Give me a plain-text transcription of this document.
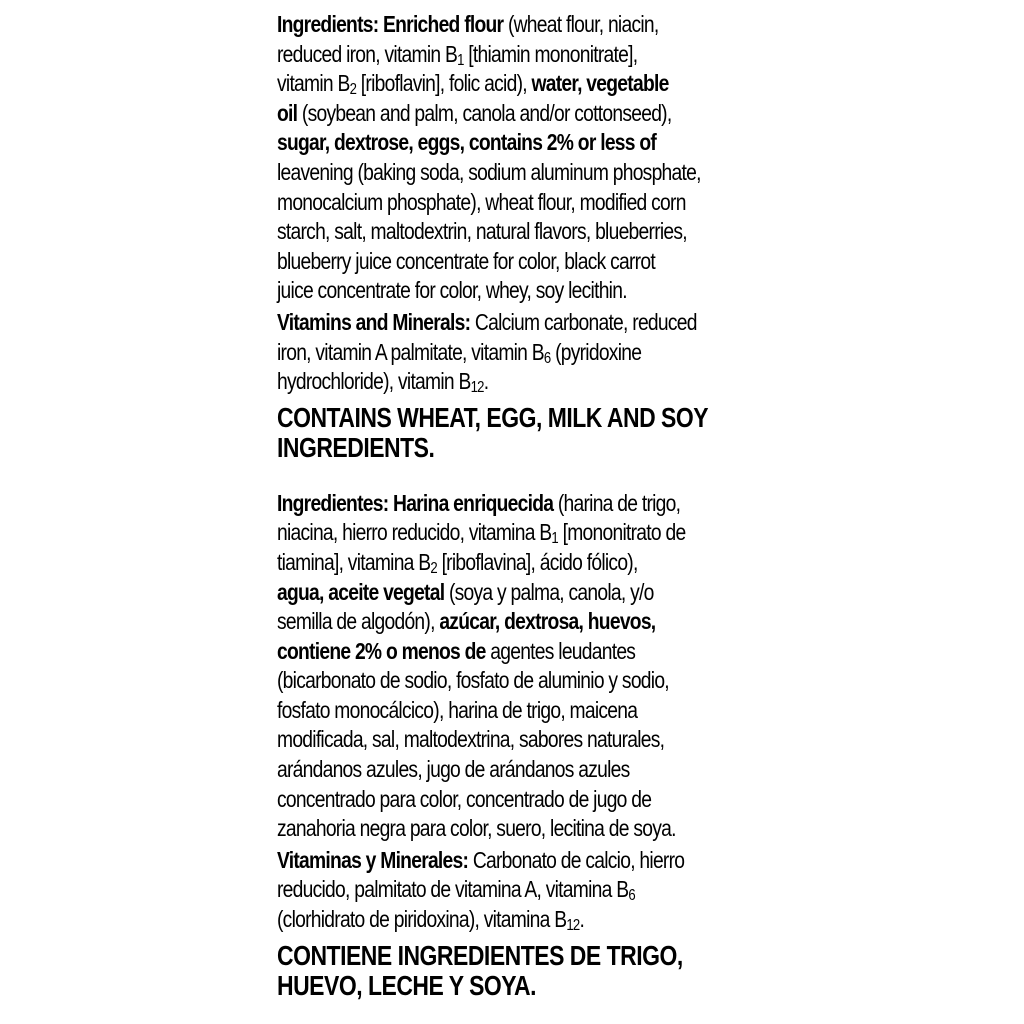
Ingredients: Enriched flour (wheat flour, niacin,
reduced iron, vitamin $B_1$ [thiamin mononitrate],
vitamin $B_2$ [riboflavin], folic acid), water, vegetable
oil (soybean and palm, canola and/or cottonseed),
sugar, dextrose, eggs, contains 2% or less of
leavening (baking soda, sodium aluminum phosphate,
monocalcium phosphate), wheat flour, modified corn
starch, salt, maltodextrin, natural flavors, blueberries,
blueberry juice concentrate for color, black carrot
juice concentrate for color, whey, soy lecithin.

Vitamins and Minerals: Calcium carbonate, reduced
iron, vitamin A palmitate, vitamin $B_6$ (pyridoxine
hydrochloride), vitamin $B_{12}$.

CONTAINS WHEAT, EGG, MILK AND SOY
INGREDIENTS.

Ingredientes: Harina enriquecida (harina de trigo,
niacina, hierro reducido, vitamina $B_1$ [mononitrato de
tiamina], vitamina $B_2$ [riboflavina], ácido fólico),
agua, aceite vegetal (soya y palma, canola, y/o
semilla de algodón), azúcar, dextrosa, huevos,
contiene 2% o menos de agentes leudantes
(bicarbonato de sodio, fosfato de aluminio y sodio,
fosfato monocálcico), harina de trigo, maicena
modificada, sal, maltodextrina, sabores naturales,
arándanos azules, jugo de arándanos azules
concentrado para color, concentrado de jugo de
zanahoria negra para color, suero, lecitina de soya.

Vitaminas y Minerales: Carbonato de calcio, hierro
reducido, palmitato de vitamina A, vitamina $B_6$
(clorhidrato de piridoxina), vitamina $B_{12}$.

CONTIENE INGREDIENTES DE TRIGO,
HUEVO, LECHE Y SOYA.
